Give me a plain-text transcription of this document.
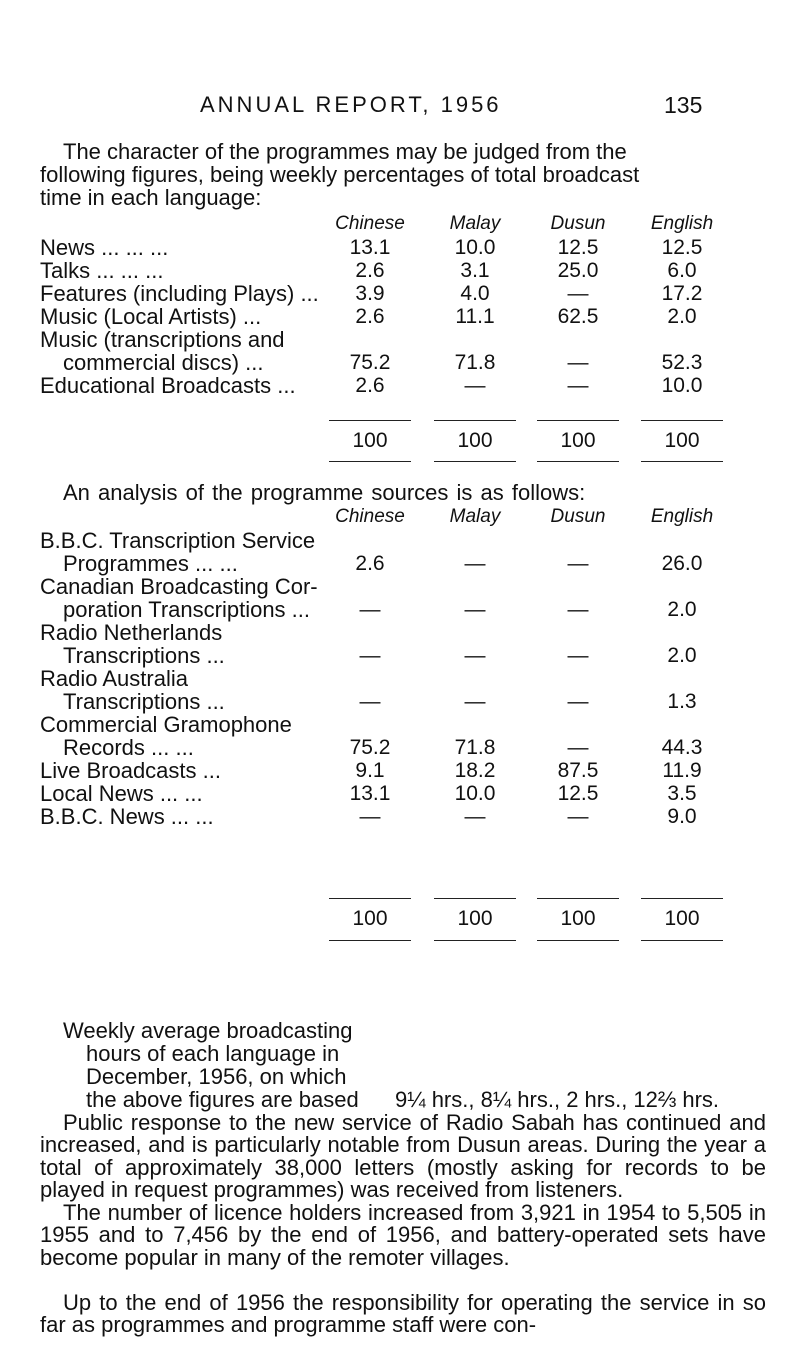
ANNUAL REPORT, 1956	135
The character of the programmes may be judged from the
following figures, being weekly percentages of total broadcast
time in each language:
Chinese	Malay	Dusun	English
News ... ... ...	13.1	10.0	12.5	12.5
Talks ... ... ...	2.6	3.1	25.0	6.0
Features (including Plays) ...	3.9	4.0	—	17.2
Music (Local Artists) ...	2.6	11.1	62.5	2.0
Music (transcriptions and
commercial discs) ...	75.2	71.8	—	52.3
Educational Broadcasts ...	2.6	—	—	10.0
100	100	100	100
An analysis of the programme sources is as follows:
Chinese	Malay	Dusun	English
B.B.C. Transcription Service
Programmes ... ...	2.6	—	—	26.0
Canadian Broadcasting Cor-
poration Transcriptions ...	—	—	—	2.0
Radio Netherlands
Transcriptions ...	—	—	—	2.0
Radio Australia
Transcriptions ...	—	—	—	1.3
Commercial Gramophone
Records ... ...	75.2	71.8	—	44.3
Live Broadcasts ...	9.1	18.2	87.5	11.9
Local News ... ...	13.1	10.0	12.5	3.5
B.B.C. News ... ...	—	—	—	9.0
100	100	100	100
Weekly average broadcasting
hours of each language in
December, 1956, on which
the above figures are based 9¼ hrs., 8¼ hrs., 2 hrs., 12⅔ hrs.
Public response to the new service of Radio Sabah has continued and increased, and is particularly notable from Dusun areas. During the year a total of approximately 38,000 letters (mostly asking for records to be played in request programmes) was received from listeners.
The number of licence holders increased from 3,921 in 1954 to 5,505 in 1955 and to 7,456 by the end of 1956, and battery-operated sets have become popular in many of the remoter villages.
Up to the end of 1956 the responsibility for operating the service in so far as programmes and programme staff were con-
